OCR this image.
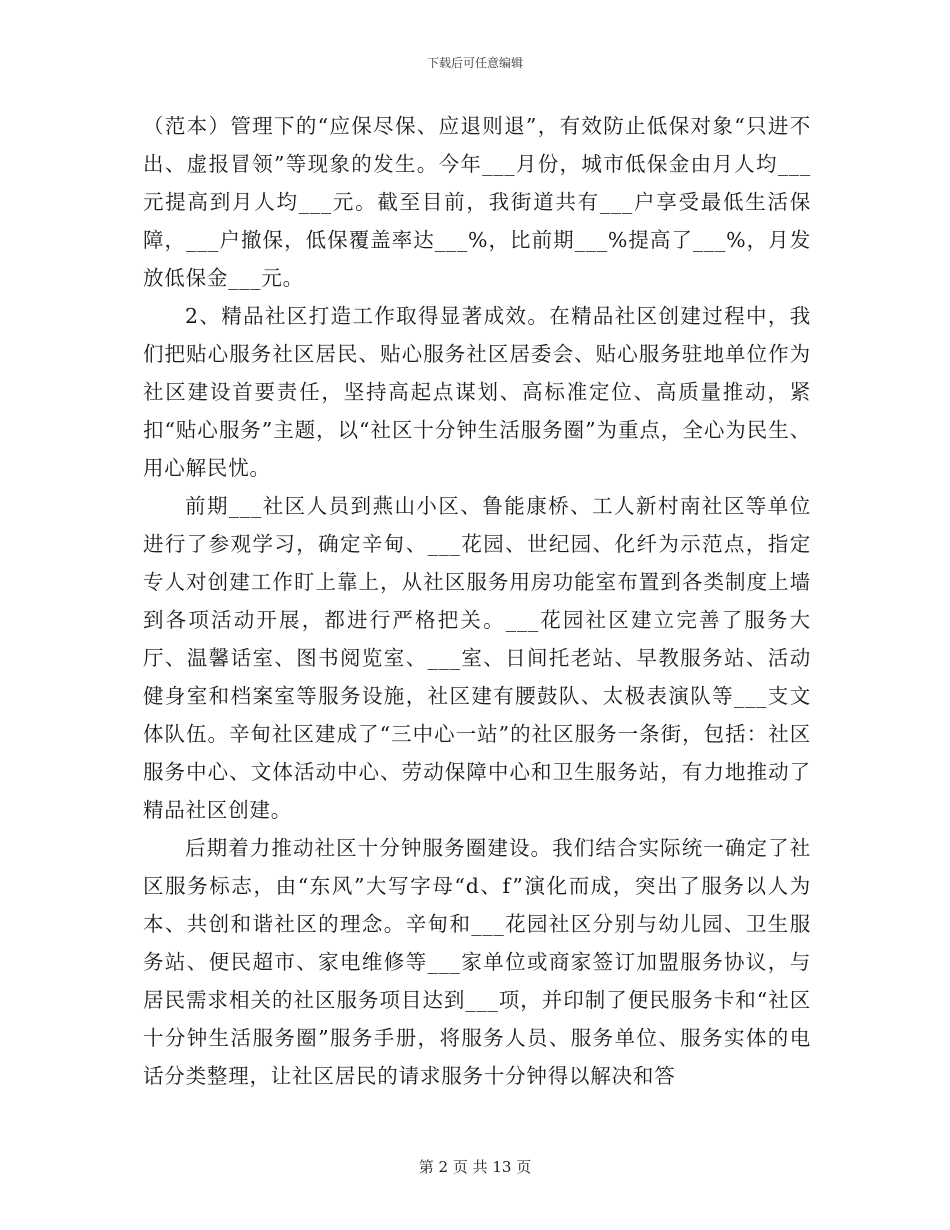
下载后可任意编辑

（范本）管理下的“应保尽保、应退则退”，有效防止低保对象“只进不出、虚报冒领”等现象的发生。今年___月份，城市低保金由月人均___元提高到月人均___元。截至目前，我街道共有___户享受最低生活保障，___户撤保，低保覆盖率达___%，比前期___%提高了___%，月发放低保金___元。

2、精品社区打造工作取得显著成效。在精品社区创建过程中，我们把贴心服务社区居民、贴心服务社区居委会、贴心服务驻地单位作为社区建设首要责任，坚持高起点谋划、高标准定位、高质量推动，紧扣“贴心服务”主题，以“社区十分钟生活服务圈”为重点，全心为民生、用心解民忧。

前期___社区人员到燕山小区、鲁能康桥、工人新村南社区等单位进行了参观学习，确定辛甸、___花园、世纪园、化纤为示范点，指定专人对创建工作盯上靠上，从社区服务用房功能室布置到各类制度上墙到各项活动开展，都进行严格把关。___花园社区建立完善了服务大厅、温馨话室、图书阅览室、___室、日间托老站、早教服务站、活动健身室和档案室等服务设施，社区建有腰鼓队、太极表演队等___支文体队伍。辛甸社区建成了“三中心一站”的社区服务一条街，包括：社区服务中心、文体活动中心、劳动保障中心和卫生服务站，有力地推动了精品社区创建。

后期着力推动社区十分钟服务圈建设。我们结合实际统一确定了社区服务标志，由“东风”大写字母“d、f”演化而成，突出了服务以人为本、共创和谐社区的理念。辛甸和___花园社区分别与幼儿园、卫生服务站、便民超市、家电维修等___家单位或商家签订加盟服务协议，与居民需求相关的社区服务项目达到___项，并印制了便民服务卡和“社区十分钟生活服务圈”服务手册，将服务人员、服务单位、服务实体的电话分类整理，让社区居民的请求服务十分钟得以解决和答

第 2 页 共 13 页
